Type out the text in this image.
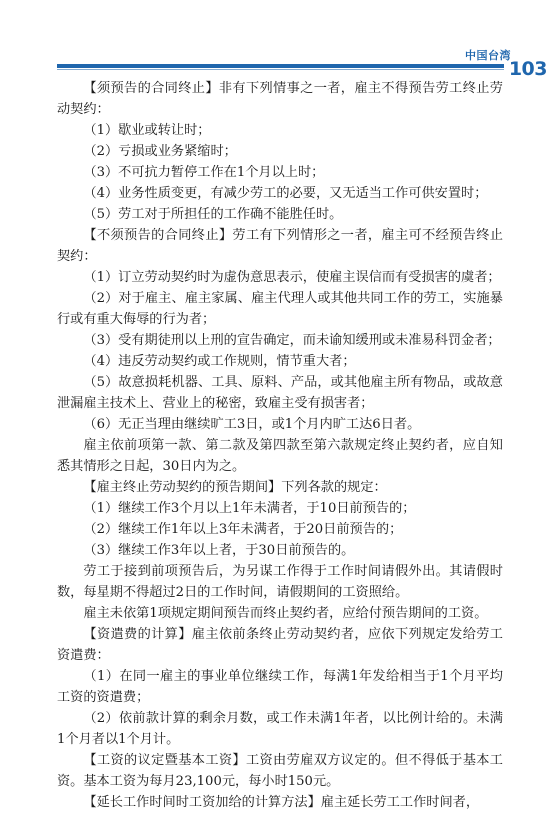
中国台湾
103

【须预告的合同终止】非有下列情事之一者，雇主不得预告劳工终止劳动契约：

（1）歇业或转让时；

（2）亏损或业务紧缩时；

（3）不可抗力暂停工作在1个月以上时；

（4）业务性质变更，有减少劳工的必要，又无适当工作可供安置时；

（5）劳工对于所担任的工作确不能胜任时。

【不须预告的合同终止】劳工有下列情形之一者，雇主可不经预告终止契约：

（1）订立劳动契约时为虚伪意思表示，使雇主误信而有受损害的虞者；

（2）对于雇主、雇主家属、雇主代理人或其他共同工作的劳工，实施暴行或有重大侮辱的行为者；

（3）受有期徒刑以上刑的宣告确定，而未谕知缓刑或未准易科罚金者；

（4）违反劳动契约或工作规则，情节重大者；

（5）故意损耗机器、工具、原料、产品，或其他雇主所有物品，或故意泄漏雇主技术上、营业上的秘密，致雇主受有损害者；

（6）无正当理由继续旷工3日，或1个月内旷工达6日者。

雇主依前项第一款、第二款及第四款至第六款规定终止契约者，应自知悉其情形之日起，30日内为之。

【雇主终止劳动契约的预告期间】下列各款的规定：

（1）继续工作3个月以上1年未满者，于10日前预告的；

（2）继续工作1年以上3年未满者，于20日前预告的；

（3）继续工作3年以上者，于30日前预告的。

劳工于接到前项预告后，为另谋工作得于工作时间请假外出。其请假时数，每星期不得超过2日的工作时间，请假期间的工资照给。

雇主未依第1项规定期间预告而终止契约者，应给付预告期间的工资。

【资遣费的计算】雇主依前条终止劳动契约者，应依下列规定发给劳工资遣费：

（1）在同一雇主的事业单位继续工作，每满1年发给相当于1个月平均工资的资遣费；

（2）依前款计算的剩余月数，或工作未满1年者，以比例计给的。未满1个月者以1个月计。

【工资的议定暨基本工资】工资由劳雇双方议定的。但不得低于基本工资。基本工资为每月23,100元，每小时150元。

【延长工作时间时工资加给的计算方法】雇主延长劳工工作时间者，
